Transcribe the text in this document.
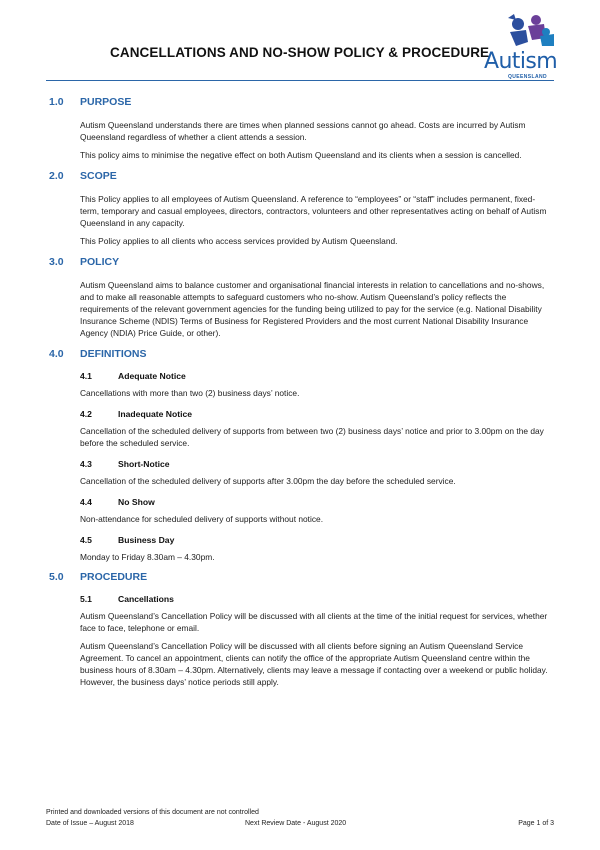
CANCELLATIONS AND NO-SHOW POLICY & PROCEDURE
Autism
QUEENSLAND
1.0	PURPOSE
Autism Queensland understands there are times when planned sessions cannot go ahead. Costs are incurred by Autism Queensland regardless of whether a client attends a session.
This policy aims to minimise the negative effect on both Autism Queensland and its clients when a session is cancelled.
2.0	SCOPE
This Policy applies to all employees of Autism Queensland. A reference to “employees” or “staff” includes permanent, fixed-term, temporary and casual employees, directors, contractors, volunteers and other representatives acting on behalf of Autism Queensland in any capacity.
This Policy applies to all clients who access services provided by Autism Queensland.
3.0	POLICY
Autism Queensland aims to balance customer and organisational financial interests in relation to cancellations and no-shows, and to make all reasonable attempts to safeguard customers who no-show. Autism Queensland’s policy reflects the requirements of the relevant government agencies for the funding being utilized to pay for the service (e.g. National Disability Insurance Scheme (NDIS) Terms of Business for Registered Providers and the most current National Disability Insurance Agency (NDIA) Price Guide, or other).
4.0	DEFINITIONS
4.1	Adequate Notice
Cancellations with more than two (2) business days’ notice.
4.2	Inadequate Notice
Cancellation of the scheduled delivery of supports from between two (2) business days’ notice and prior to 3.00pm on the day before the scheduled service.
4.3	Short-Notice
Cancellation of the scheduled delivery of supports after 3.00pm the day before the scheduled service.
4.4	No Show
Non-attendance for scheduled delivery of supports without notice.
4.5	Business Day
Monday to Friday 8.30am – 4.30pm.
5.0	PROCEDURE
5.1	Cancellations
Autism Queensland’s Cancellation Policy will be discussed with all clients at the time of the initial request for services, whether face to face, telephone or email.
Autism Queensland’s Cancellation Policy will be discussed with all clients before signing an Autism Queensland Service Agreement. To cancel an appointment, clients can notify the office of the appropriate Autism Queensland centre within the business hours of 8.30am – 4.30pm. Alternatively, clients may leave a message if contacting over a weekend or public holiday. However, the business days’ notice periods still apply.
Printed and downloaded versions of this document are not controlled
Date of Issue – August 2018	Page 1 of 3
Next Review Date - August 2020
